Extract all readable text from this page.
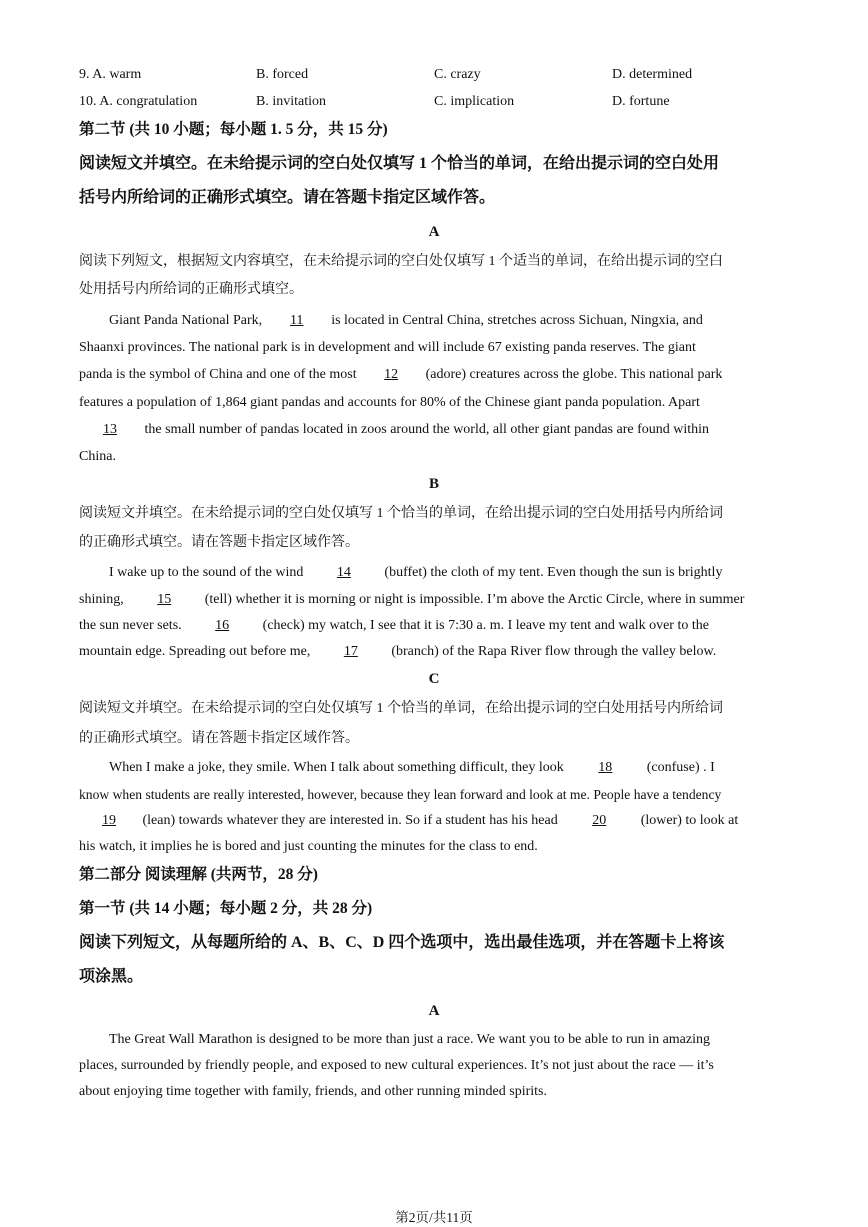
9. A. warm	B. forced	C. crazy	D. determined
10. A. congratulation	B. invitation	C. implication	D. fortune
第二节 (共 10 小题；每小题 1. 5 分，共 15 分)
阅读短文并填空。在未给提示词的空白处仅填写 1 个恰当的单词，在给出提示词的空白处用
括号内所给词的正确形式填空。请在答题卡指定区域作答。
A
阅读下列短文，根据短文内容填空，在未给提示词的空白处仅填写 1 个适当的单词，在给出提示词的空白
处用括号内所给词的正确形式填空。
Giant Panda National Park, 11 is located in Central China, stretches across Sichuan, Ningxia, and
Shaanxi provinces. The national park is in development and will include 67 existing panda reserves. The giant
panda is the symbol of China and one of the most 12 (adore) creatures across the globe. This national park
features a population of 1,864 giant pandas and accounts for 80% of the Chinese giant panda population. Apart
13 the small number of pandas located in zoos around the world, all other giant pandas are found within
China.
B
阅读短文并填空。在未给提示词的空白处仅填写 1 个恰当的单词，在给出提示词的空白处用括号内所给词
的正确形式填空。请在答题卡指定区域作答。
I wake up to the sound of the wind 14 (buffet) the cloth of my tent. Even though the sun is brightly
shining, 15 (tell) whether it is morning or night is impossible. I’m above the Arctic Circle, where in summer
the sun never sets. 16 (check) my watch, I see that it is 7:30 a. m. I leave my tent and walk over to the
mountain edge. Spreading out before me, 17 (branch) of the Rapa River flow through the valley below.
C
阅读短文并填空。在未给提示词的空白处仅填写 1 个恰当的单词，在给出提示词的空白处用括号内所给词
的正确形式填空。请在答题卡指定区域作答。
When I make a joke, they smile. When I talk about something difficult, they look 18 (confuse) . I
know when students are really interested, however, because they lean forward and look at me. People have a tendency
19 (lean) towards whatever they are interested in. So if a student has his head 20 (lower) to look at
his watch, it implies he is bored and just counting the minutes for the class to end.
第二部分 阅读理解 (共两节，28 分)
第一节 (共 14 小题；每小题 2 分，共 28 分)
阅读下列短文，从每题所给的 A、B、C、D 四个选项中，选出最佳选项，并在答题卡上将该
项涂黑。
A
The Great Wall Marathon is designed to be more than just a race. We want you to be able to run in amazing
places, surrounded by friendly people, and exposed to new cultural experiences. It’s not just about the race — it’s
about enjoying time together with family, friends, and other running minded spirits.
第2页/共11页
